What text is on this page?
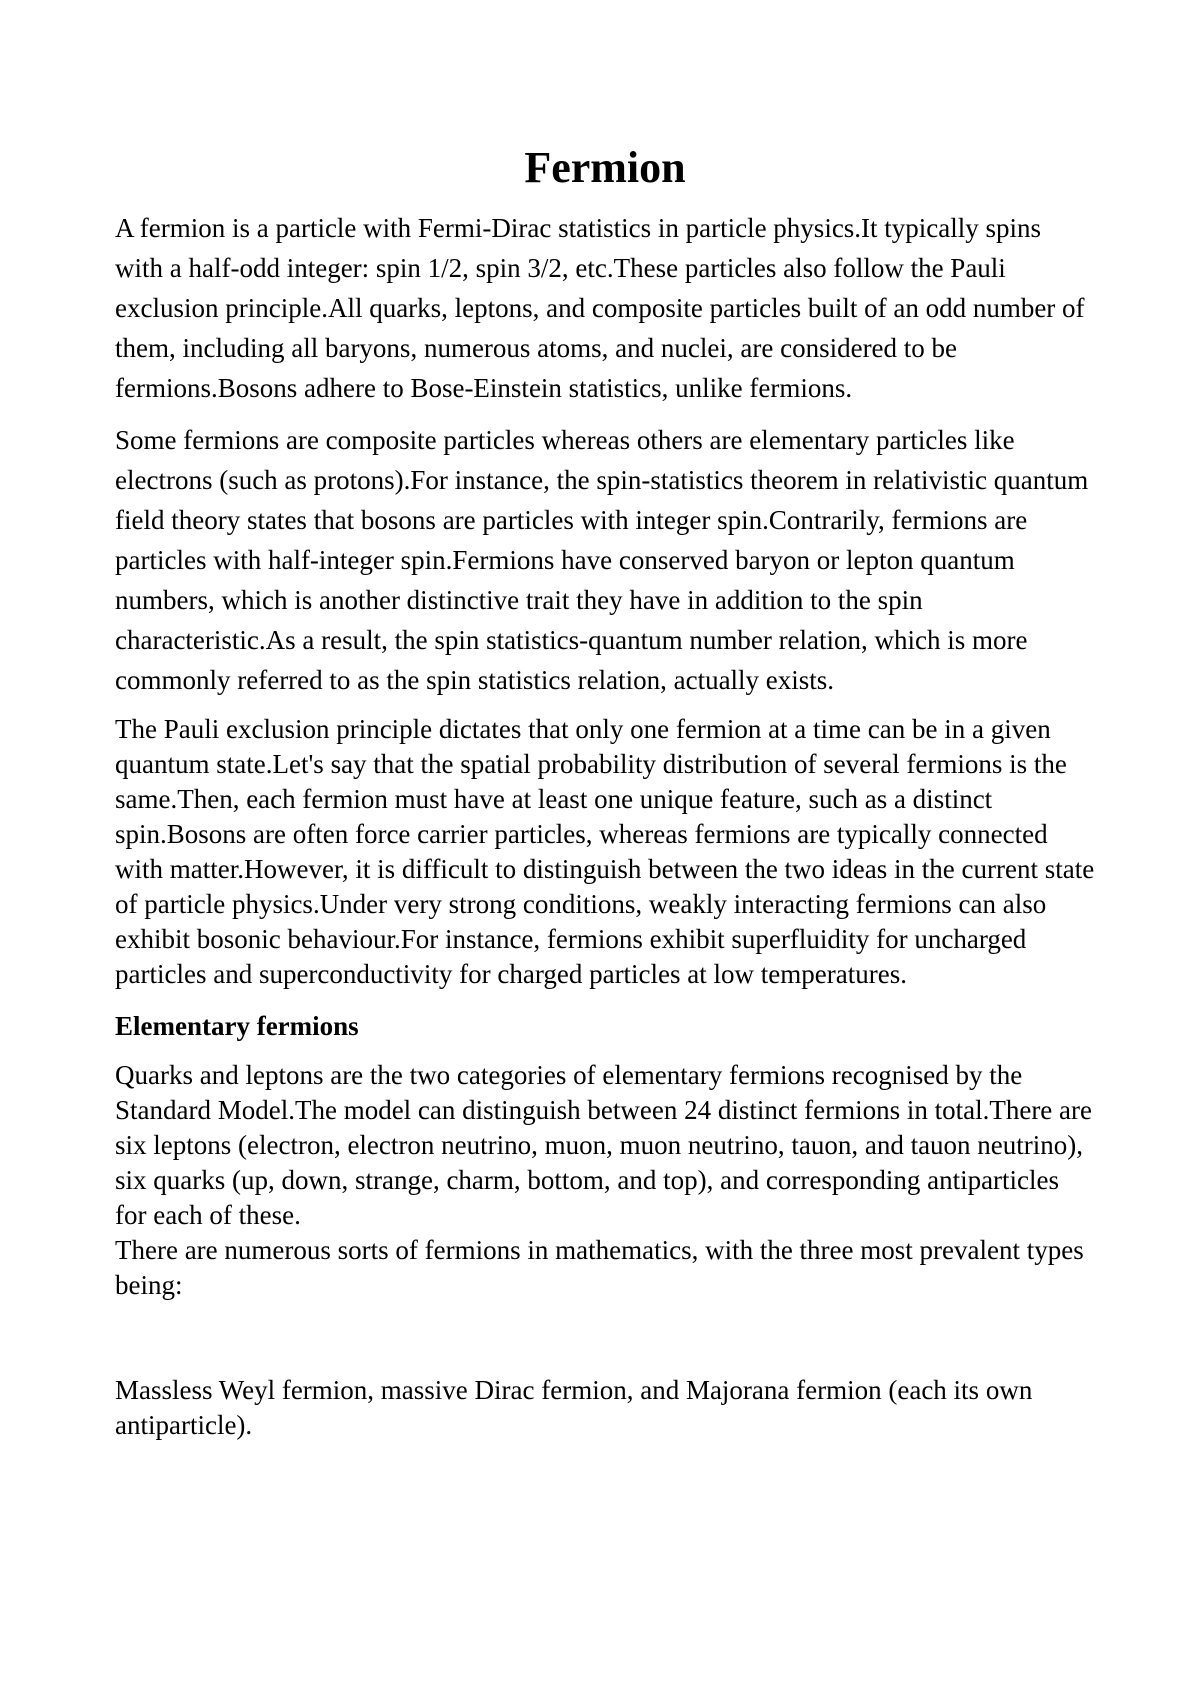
Fermion

A fermion is a particle with Fermi-Dirac statistics in particle physics.It typically spins with a half-odd integer: spin 1/2, spin 3/2, etc.These particles also follow the Pauli exclusion principle.All quarks, leptons, and composite particles built of an odd number of them, including all baryons, numerous atoms, and nuclei, are considered to be fermions.Bosons adhere to Bose-Einstein statistics, unlike fermions.

Some fermions are composite particles whereas others are elementary particles like electrons (such as protons).For instance, the spin-statistics theorem in relativistic quantum field theory states that bosons are particles with integer spin.Contrarily, fermions are particles with half-integer spin.Fermions have conserved baryon or lepton quantum numbers, which is another distinctive trait they have in addition to the spin characteristic.As a result, the spin statistics-quantum number relation, which is more commonly referred to as the spin statistics relation, actually exists.

The Pauli exclusion principle dictates that only one fermion at a time can be in a given quantum state.Let's say that the spatial probability distribution of several fermions is the same.Then, each fermion must have at least one unique feature, such as a distinct spin.Bosons are often force carrier particles, whereas fermions are typically connected with matter.However, it is difficult to distinguish between the two ideas in the current state of particle physics.Under very strong conditions, weakly interacting fermions can also exhibit bosonic behaviour.For instance, fermions exhibit superfluidity for uncharged particles and superconductivity for charged particles at low temperatures.

Elementary fermions

Quarks and leptons are the two categories of elementary fermions recognised by the Standard Model.The model can distinguish between 24 distinct fermions in total.There are six leptons (electron, electron neutrino, muon, muon neutrino, tauon, and tauon neutrino), six quarks (up, down, strange, charm, bottom, and top), and corresponding antiparticles for each of these.

There are numerous sorts of fermions in mathematics, with the three most prevalent types being:

Massless Weyl fermion, massive Dirac fermion, and Majorana fermion (each its own antiparticle).
